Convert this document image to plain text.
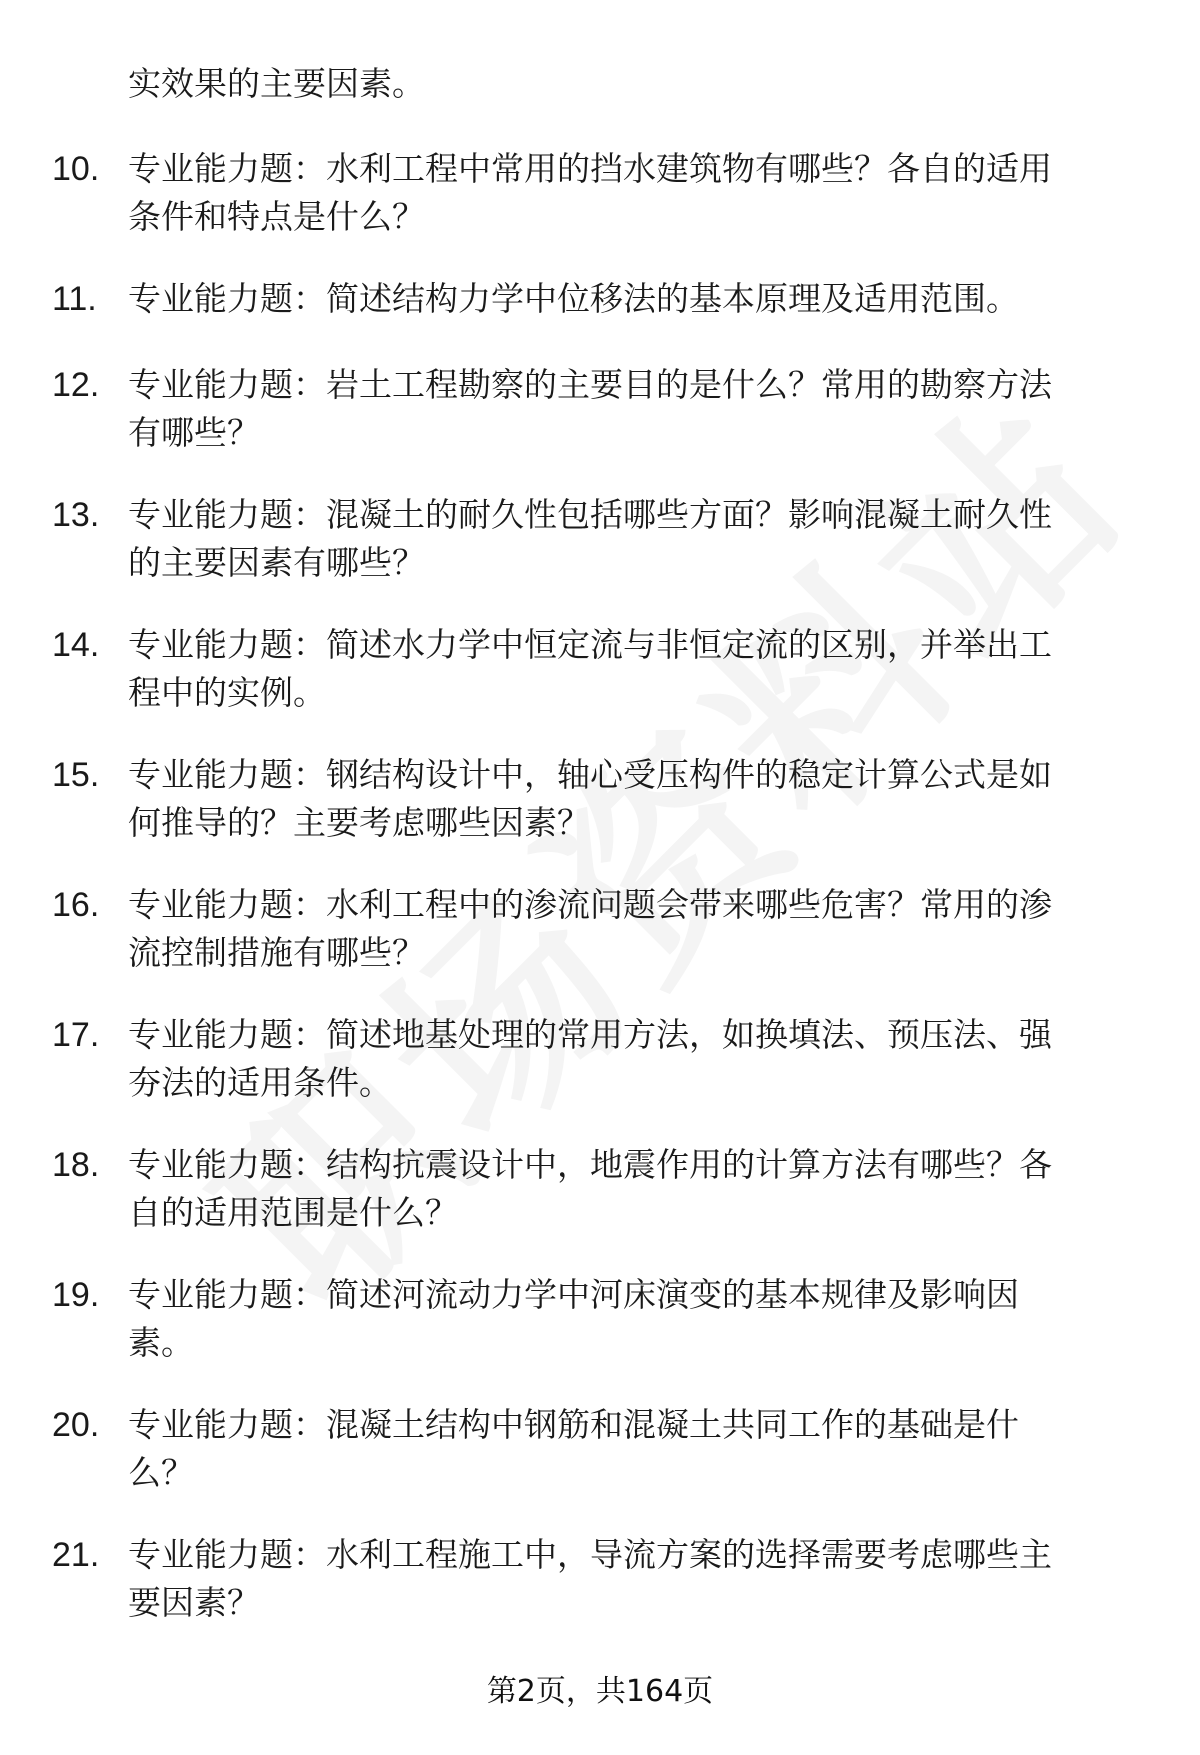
实效果的主要因素。
10. 专业能力题：水利工程中常用的挡水建筑物有哪些？各自的适用
条件和特点是什么？
11. 专业能力题：简述结构力学中位移法的基本原理及适用范围。
12. 专业能力题：岩土工程勘察的主要目的是什么？常用的勘察方法
有哪些？
13. 专业能力题：混凝土的耐久性包括哪些方面？影响混凝土耐久性
的主要因素有哪些？
14. 专业能力题：简述水力学中恒定流与非恒定流的区别，并举出工
程中的实例。
15. 专业能力题：钢结构设计中，轴心受压构件的稳定计算公式是如
何推导的？主要考虑哪些因素？
16. 专业能力题：水利工程中的渗流问题会带来哪些危害？常用的渗
流控制措施有哪些？
17. 专业能力题：简述地基处理的常用方法，如换填法、预压法、强
夯法的适用条件。
18. 专业能力题：结构抗震设计中，地震作用的计算方法有哪些？各
自的适用范围是什么？
19. 专业能力题：简述河流动力学中河床演变的基本规律及影响因
素。
20. 专业能力题：混凝土结构中钢筋和混凝土共同工作的基础是什
么？
21. 专业能力题：水利工程施工中，导流方案的选择需要考虑哪些主
要因素？
第2页，共164页
